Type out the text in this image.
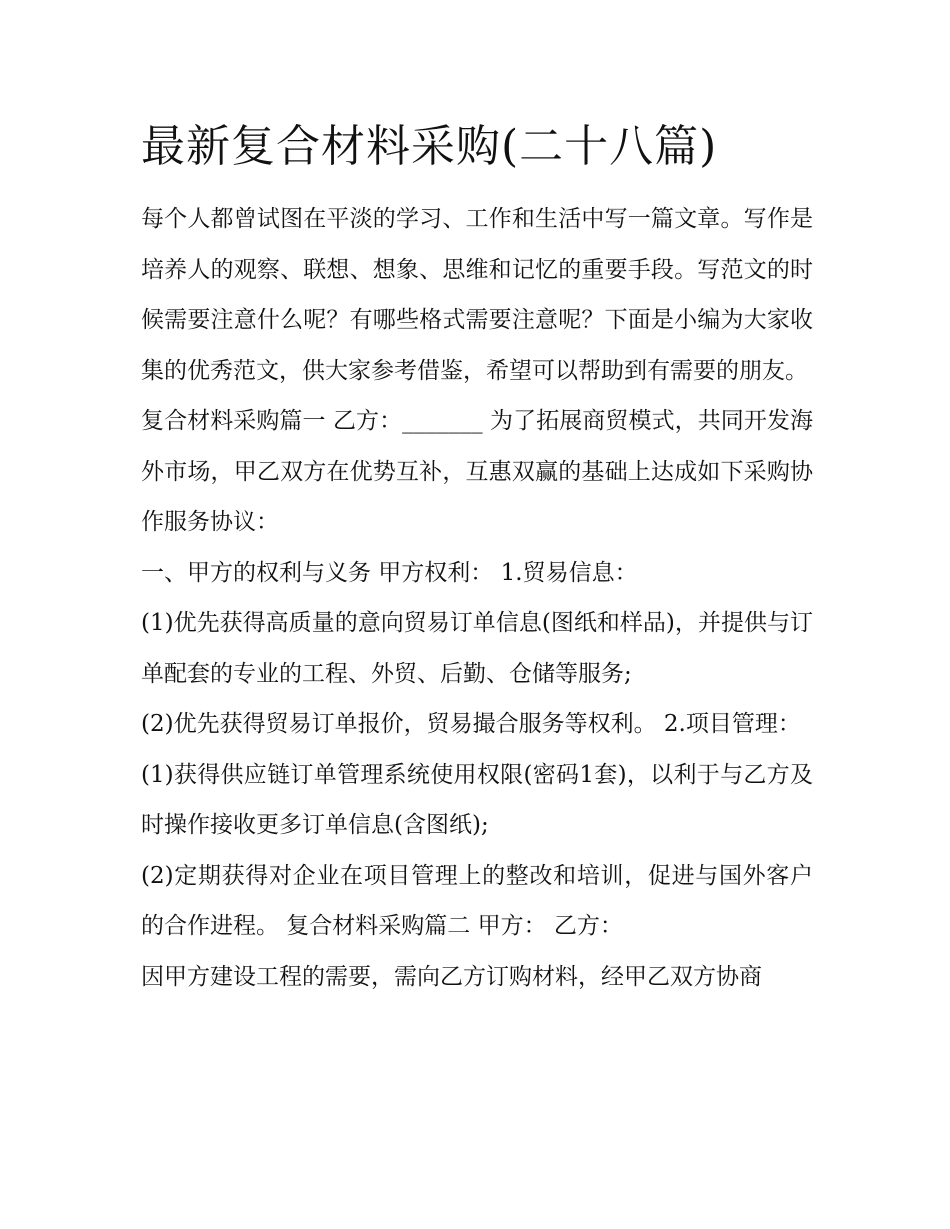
最新复合材料采购(二十八篇)

每个人都曾试图在平淡的学习、工作和生活中写一篇文章。写作是培养人的观察、联想、想象、思维和记忆的重要手段。写范文的时候需要注意什么呢？有哪些格式需要注意呢？下面是小编为大家收集的优秀范文，供大家参考借鉴，希望可以帮助到有需要的朋友。

复合材料采购篇一 乙方：_______ 为了拓展商贸模式，共同开发海外市场，甲乙双方在优势互补，互惠双赢的基础上达成如下采购协作服务协议：

一、甲方的权利与义务 甲方权利： 1.贸易信息：

(1)优先获得高质量的意向贸易订单信息(图纸和样品)，并提供与订单配套的专业的工程、外贸、后勤、仓储等服务;

(2)优先获得贸易订单报价，贸易撮合服务等权利。 2.项目管理：

(1)获得供应链订单管理系统使用权限(密码1套)，以利于与乙方及时操作接收更多订单信息(含图纸);

(2)定期获得对企业在项目管理上的整改和培训，促进与国外客户的合作进程。 复合材料采购篇二 甲方： 乙方：

因甲方建设工程的需要，需向乙方订购材料，经甲乙双方协商
